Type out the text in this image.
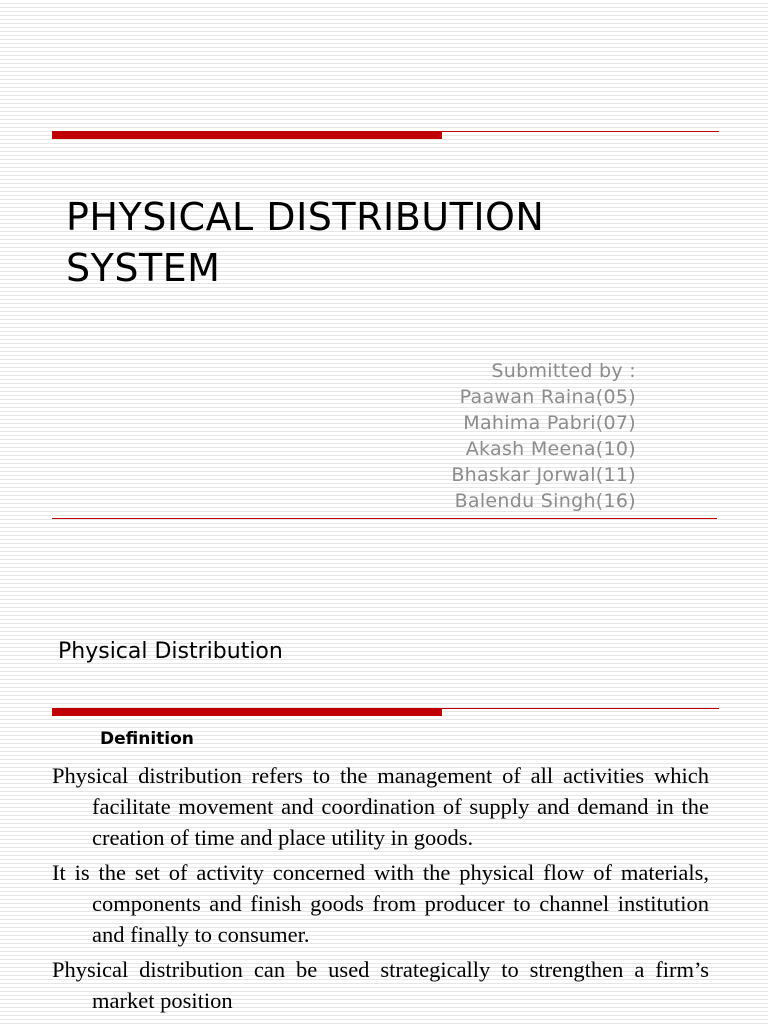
PHYSICAL DISTRIBUTION
SYSTEM
Submitted by :
Paawan Raina(05)
Mahima Pabri(07)
Akash Meena(10)
Bhaskar Jorwal(11)
Balendu Singh(16)
Physical Distribution
Definition
Physical distribution refers to the management of all activities which facilitate movement and coordination of supply and demand in the creation of time and place utility in goods.
It is the set of activity concerned with the physical flow of materials, components and finish goods from producer to channel institution and finally to consumer.
Physical distribution can be used strategically to strengthen a firm’s market position
